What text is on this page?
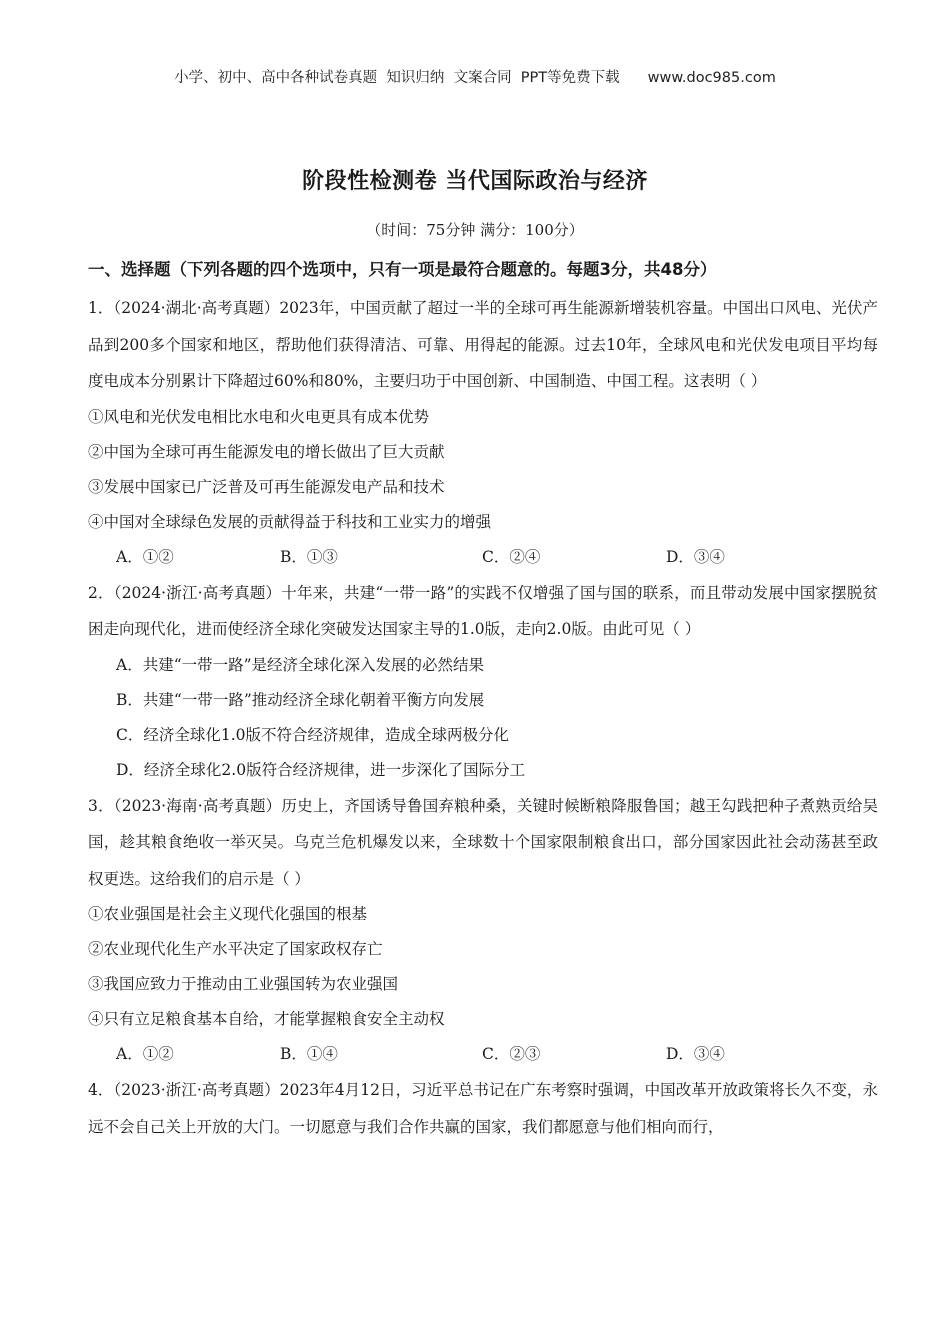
小学、初中、高中各种试卷真题  知识归纳  文案合同  PPT等免费下载 www.doc985.com
阶段性检测卷 当代国际政治与经济
（时间：75分钟 满分：100分）
一、选择题（下列各题的四个选项中，只有一项是最符合题意的。每题3分，共48分）

1．（2024·湖北·高考真题）2023年，中国贡献了超过一半的全球可再生能源新增装机容量。中国出口风电、光伏产品到200多个国家和地区，帮助他们获得清洁、可靠、用得起的能源。过去10年，全球风电和光伏发电项目平均每度电成本分别累计下降超过60%和80%，主要归功于中国创新、中国制造、中国工程。这表明（ ）

①风电和光伏发电相比水电和火电更具有成本优势

②中国为全球可再生能源发电的增长做出了巨大贡献

③发展中国家已广泛普及可再生能源发电产品和技术

④中国对全球绿色发展的贡献得益于科技和工业实力的增强

A．①②	B．①③	C．②④	D．③④

2．（2024·浙江·高考真题）十年来，共建“一带一路”的实践不仅增强了国与国的联系，而且带动发展中国家摆脱贫困走向现代化，进而使经济全球化突破发达国家主导的1.0版，走向2.0版。由此可见（ ）

A．共建“一带一路”是经济全球化深入发展的必然结果

B．共建“一带一路”推动经济全球化朝着平衡方向发展

C．经济全球化1.0版不符合经济规律，造成全球两极分化

D．经济全球化2.0版符合经济规律，进一步深化了国际分工

3．（2023·海南·高考真题）历史上，齐国诱导鲁国弃粮种桑，关键时候断粮降服鲁国；越王勾践把种子煮熟贡给吴国，趁其粮食绝收一举灭吴。乌克兰危机爆发以来，全球数十个国家限制粮食出口，部分国家因此社会动荡甚至政权更迭。这给我们的启示是（ ）

①农业强国是社会主义现代化强国的根基

②农业现代化生产水平决定了国家政权存亡

③我国应致力于推动由工业强国转为农业强国

④只有立足粮食基本自给，才能掌握粮食安全主动权

A．①②	B．①④	C．②③	D．③④

4．（2023·浙江·高考真题）2023年4月12日，习近平总书记在广东考察时强调，中国改革开放政策将长久不变，永远不会自己关上开放的大门。一切愿意与我们合作共赢的国家，我们都愿意与他们相向而行，
